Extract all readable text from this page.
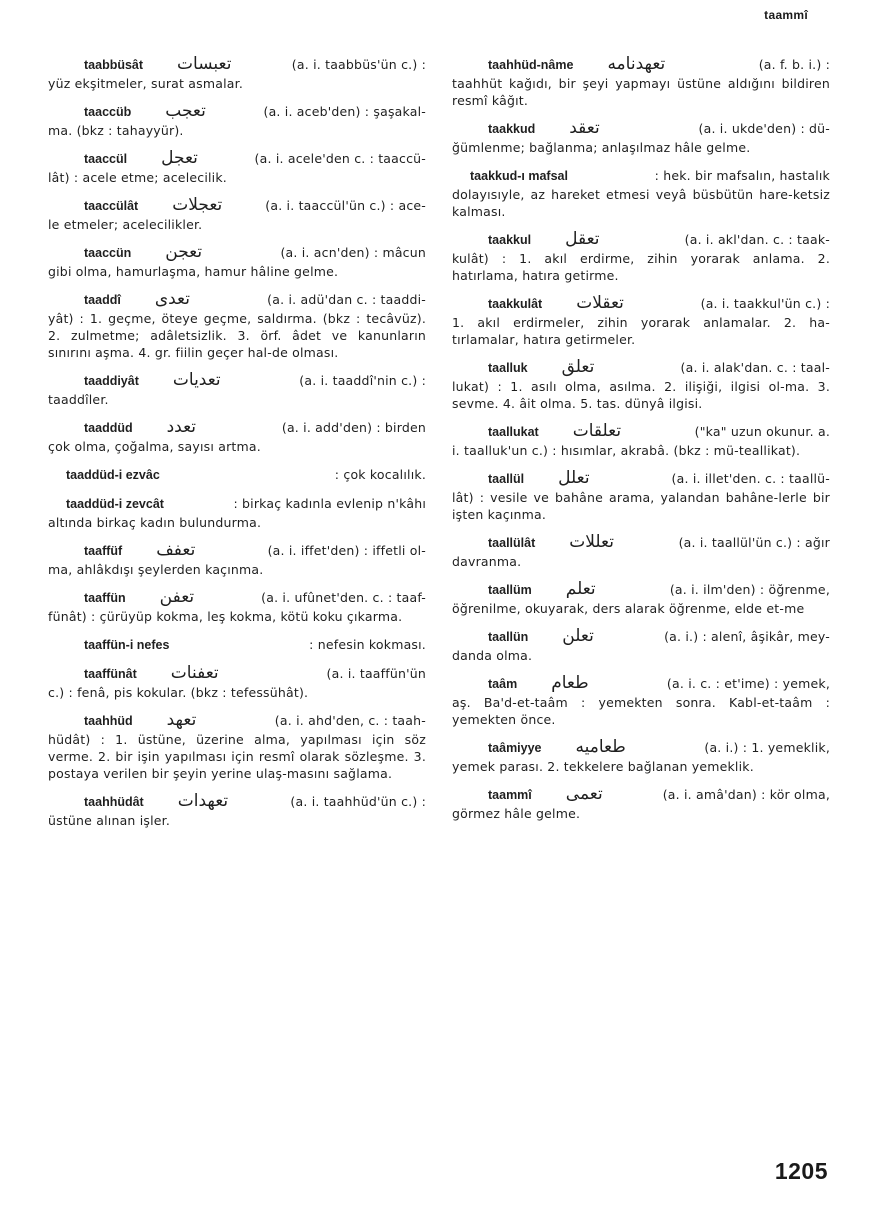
taammî
taabbüsât تعبسات	(a. i. taabbüs'ün c.) :
yüz ekşitmeler, surat asmalar.
taaccüb تعجب	(a. i. aceb'den) : şaşakal-
ma. (bkz : tahayyür).
taaccül تعجل	(a. i. acele'den c. : taaccü-
lât) : acele etme; acelecilik.
taaccülât تعجلات	(a. i. taaccül'ün c.) : ace-
le etmeler; acelecilikler.
taaccün تعجن	(a. i. acn'den) : mâcun
gibi olma, hamurlaşma, hamur hâline gelme.
taaddî تعدى	(a. i. adü'dan c. : taaddi-
yât) : 1. geçme, öteye geçme, saldırma. (bkz : tecâvüz). 2. zulmetme; adâletsizlik. 3. örf. âdet ve kanunların sınırını aşma. 4. gr. fiilin geçer hal-de olması.
taaddiyât تعديات	(a. i. taaddî'nin c.) :
taaddîler.
taaddüd تعدد	(a. i. add'den) : birden
çok olma, çoğalma, sayısı artma.
taaddüd-i ezvâc	: çok kocalılık.
taaddüd-i zevcât	: birkaç kadınla evlenip n'kâhı
altında birkaç kadın bulundurma.
taaffüf تعفف	(a. i. iffet'den) : iffetli ol-
ma, ahlâkdışı şeylerden kaçınma.
taaffün تعفن	(a. i. ufûnet'den. c. : taaf-
fünât) : çürüyüp kokma, leş kokma, kötü koku çıkarma.
taaffün-i nefes	: nefesin kokması.
taaffünât تعفنات	(a. i. taaffün'ün
c.) : fenâ, pis kokular. (bkz : tefessühât).
taahhüd تعهد	(a. i. ahd'den, c. : taah-
hüdât) : 1. üstüne, üzerine alma, yapılması için söz verme. 2. bir işin yapılması için resmî olarak sözleşme. 3. postaya verilen bir şeyin yerine ulaş-masını sağlama.
taahhüdât تعهدات	(a. i. taahhüd'ün c.) :
üstüne alınan işler.
taahhüd-nâme تعهدنامه	(a. f. b. i.) :
taahhüt kağıdı, bir şeyi yapmayı üstüne aldığını bildiren resmî kâğıt.
taakkud تعقد	(a. i. ukde'den) : dü-
ğümlenme; bağlanma; anlaşılmaz hâle gelme.
taakkud-ı mafsal	: hek. bir mafsalın, hastalık
dolayısıyle, az hareket etmesi veyâ büsbütün hare-ketsiz kalması.
taakkul تعقل	(a. i. akl'dan. c. : taak-
kulât) : 1. akıl erdirme, zihin yorarak anlama. 2. hatırlama, hatıra getirme.
taakkulât تعقلات	(a. i. taakkul'ün c.) :
1. akıl erdirmeler, zihin yorarak anlamalar. 2. ha-tırlamalar, hatıra getirmeler.
taalluk تعلق	(a. i. alak'dan. c. : taal-
lukat) : 1. asılı olma, asılma. 2. ilişiği, ilgisi ol-ma. 3. sevme. 4. âit olma. 5. tas. dünyâ ilgisi.
taallukat تعلقات	("ka" uzun okunur. a.
i. taalluk'un c.) : hısımlar, akrabâ. (bkz : mü-teallikat).
taallül تعلل	(a. i. illet'den. c. : taallü-
lât) : vesile ve bahâne arama, yalandan bahâne-lerle bir işten kaçınma.
taallülât تعللات	(a. i. taallül'ün c.) : ağır
davranma.
taallüm تعلم	(a. i. ilm'den) : öğrenme,
öğrenilme, okuyarak, ders alarak öğrenme, elde et-me
taallün تعلن	(a. i.) : alenî, âşikâr, mey-
danda olma.
taâm طعام	(a. i. c. : et'ime) : yemek,
aş. Ba'd-et-taâm : yemekten sonra. Kabl-et-taâm : yemekten önce.
taâmiyye طعاميه	(a. i.) : 1. yemeklik,
yemek parası. 2. tekkelere bağlanan yemeklik.
taammî تعمى	(a. i. amâ'dan) : kör olma,
görmez hâle gelme.
1205
